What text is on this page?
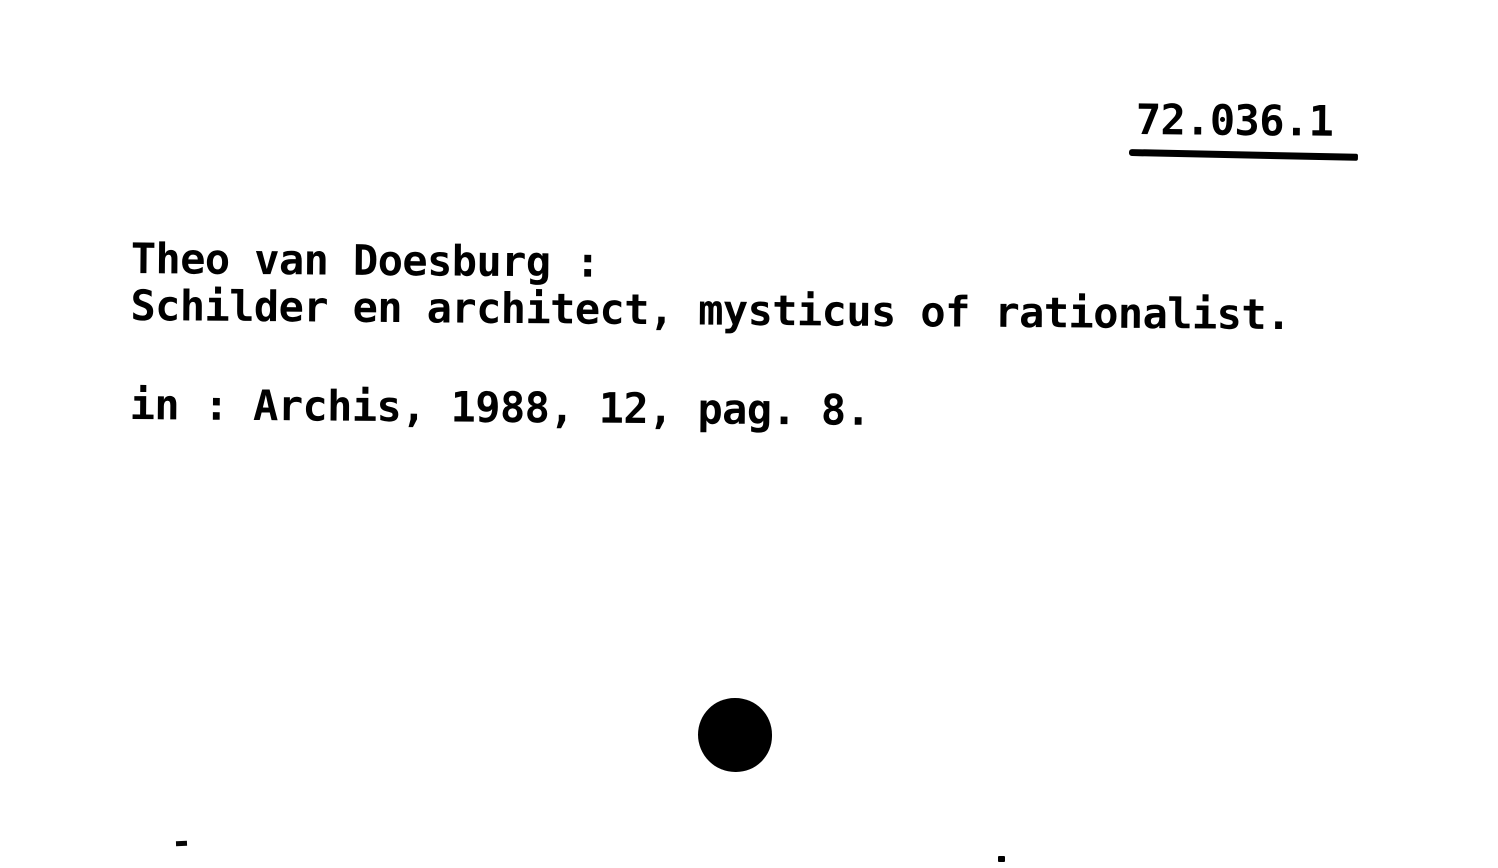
72.036.1
Theo van Doesburg :
Schilder en architect, mysticus of rationalist.
in : Archis, 1988, 12, pag. 8.
